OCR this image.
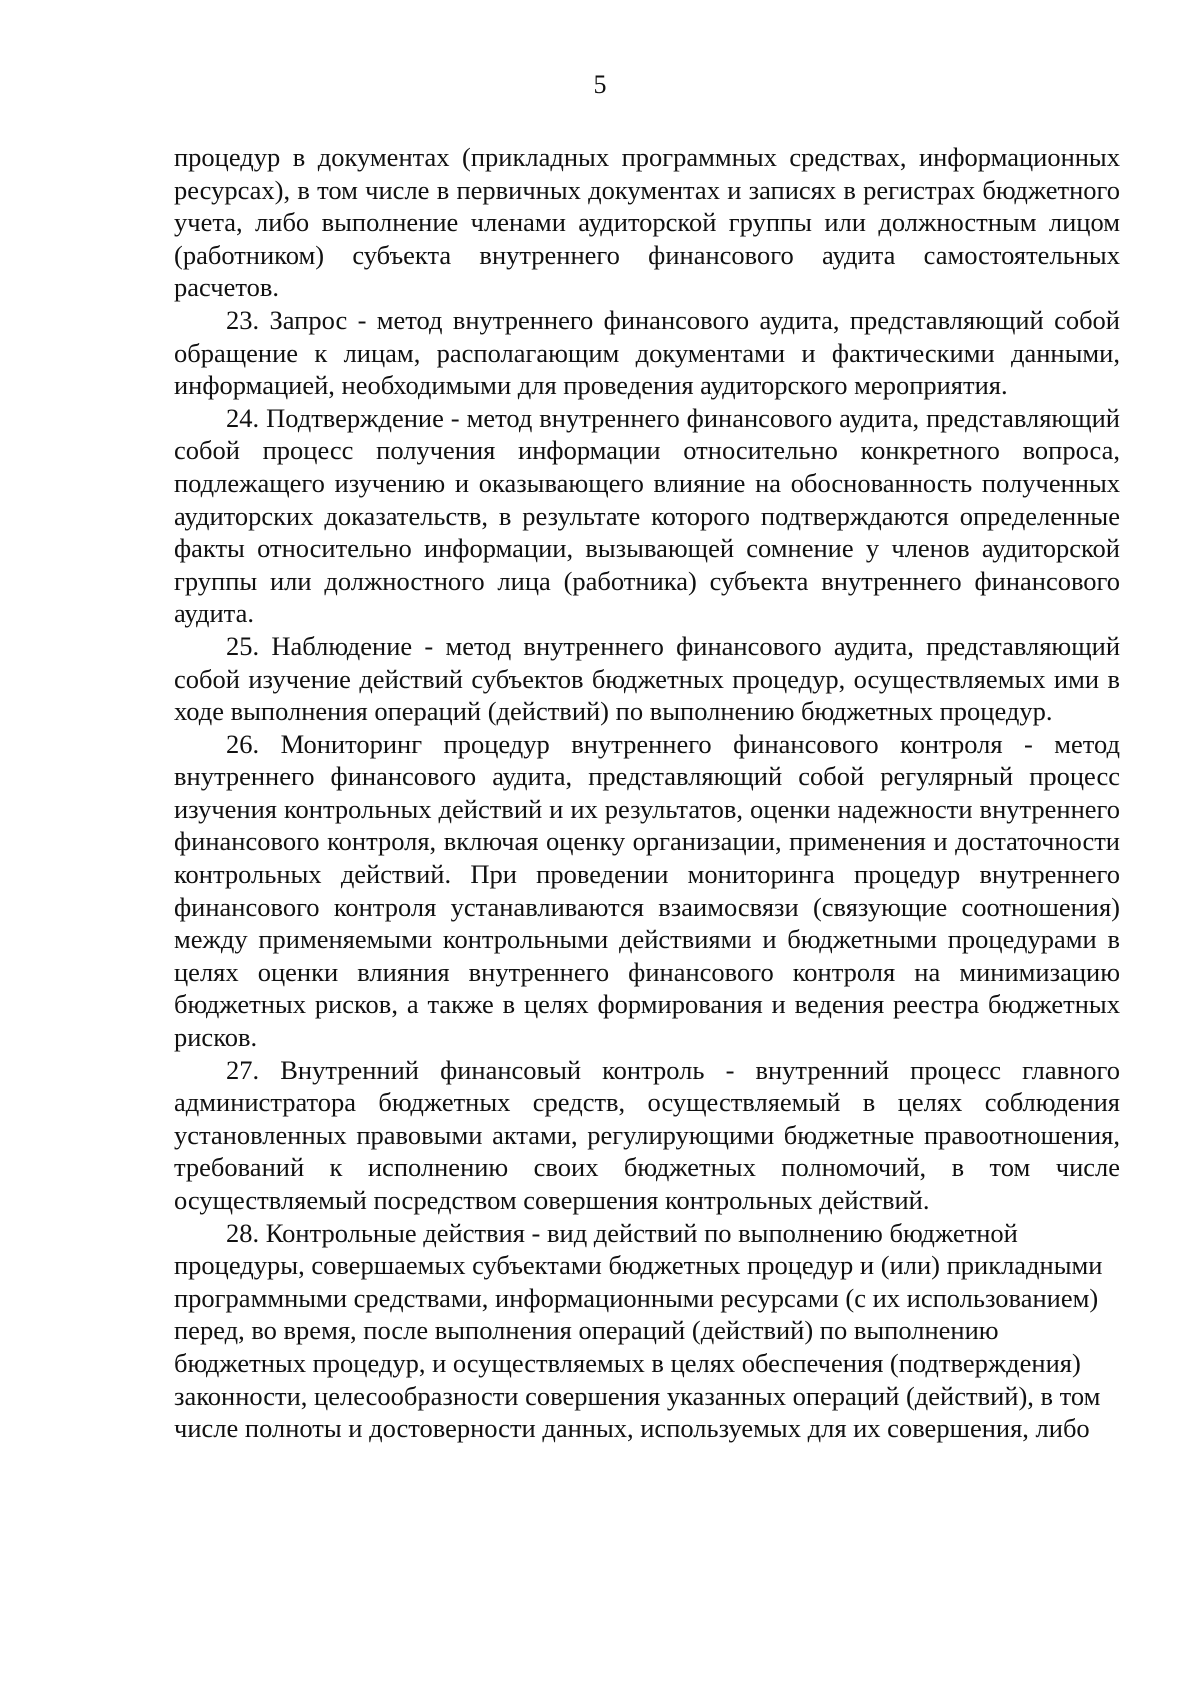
5

процедур в документах (прикладных программных средствах, информационных ресурсах), в том числе в первичных документах и записях в регистрах бюджетного учета, либо выполнение членами аудиторской группы или должностным лицом (работником) субъекта внутреннего финансового аудита самостоятельных расчетов.

23. Запрос - метод внутреннего финансового аудита, представляющий собой обращение к лицам, располагающим документами и фактическими данными, информацией, необходимыми для проведения аудиторского мероприятия.

24. Подтверждение - метод внутреннего финансового аудита, представляющий собой процесс получения информации относительно конкретного вопроса, подлежащего изучению и оказывающего влияние на обоснованность полученных аудиторских доказательств, в результате которого подтверждаются определенные факты относительно информации, вызывающей сомнение у членов аудиторской группы или должностного лица (работника) субъекта внутреннего финансового аудита.

25. Наблюдение - метод внутреннего финансового аудита, представляющий собой изучение действий субъектов бюджетных процедур, осуществляемых ими в ходе выполнения операций (действий) по выполнению бюджетных процедур.

26. Мониторинг процедур внутреннего финансового контроля - метод внутреннего финансового аудита, представляющий собой регулярный процесс изучения контрольных действий и их результатов, оценки надежности внутреннего финансового контроля, включая оценку организации, применения и достаточности контрольных действий. При проведении мониторинга процедур внутреннего финансового контроля устанавливаются взаимосвязи (связующие соотношения) между применяемыми контрольными действиями и бюджетными процедурами в целях оценки влияния внутреннего финансового контроля на минимизацию бюджетных рисков, а также в целях формирования и ведения реестра бюджетных рисков.

27. Внутренний финансовый контроль - внутренний процесс главного администратора бюджетных средств, осуществляемый в целях соблюдения установленных правовыми актами, регулирующими бюджетные правоотношения, требований к исполнению своих бюджетных полномочий, в том числе осуществляемый посредством совершения контрольных действий.

28. Контрольные действия - вид действий по выполнению бюджетной процедуры, совершаемых субъектами бюджетных процедур и (или) прикладными программными средствами, информационными ресурсами (с их использованием) перед, во время, после выполнения операций (действий) по выполнению бюджетных процедур, и осуществляемых в целях обеспечения (подтверждения) законности, целесообразности совершения указанных операций (действий), в том числе полноты и достоверности данных, используемых для их совершения, либо
